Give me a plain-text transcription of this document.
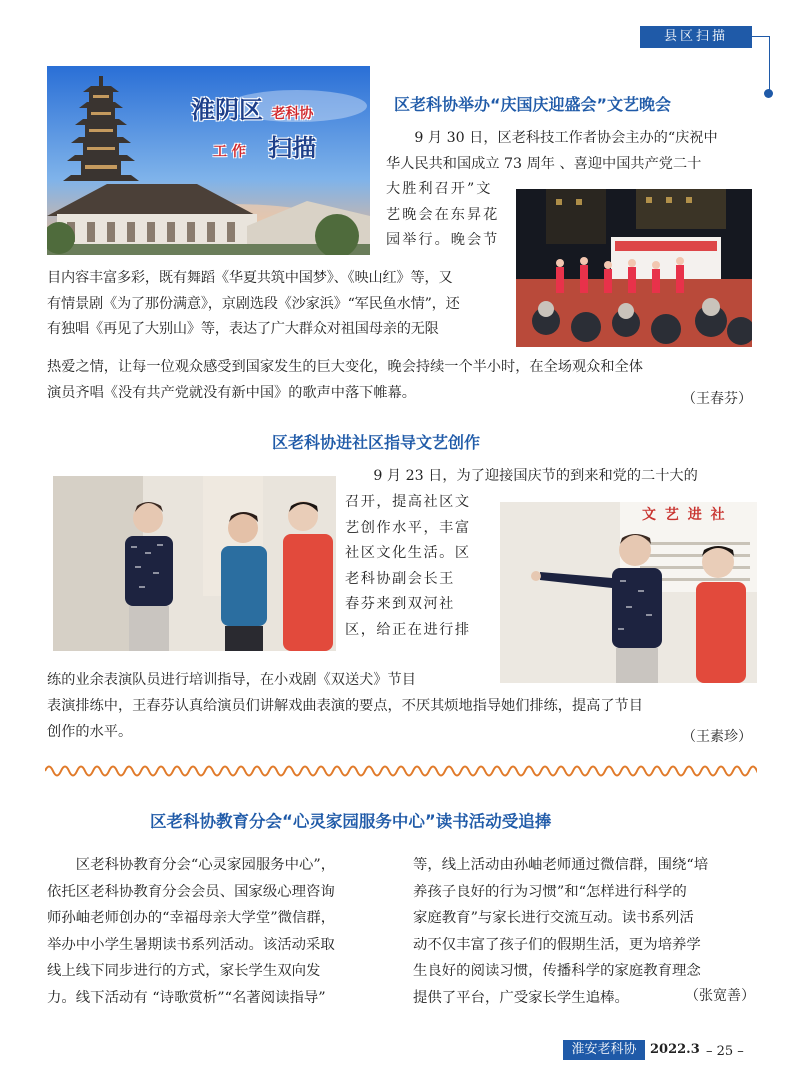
县区扫描
淮阴区 老科协
工 作 扫描
区老科协举办“庆国庆迎盛会”文艺晚会
9 月 30 日，区老科技工作者协会主办的“庆祝中
华人民共和国成立 73 周年 、喜迎中国共产党二十
大胜利召开”文
艺晚会在东昇花
园举行。晚会节
目内容丰富多彩，既有舞蹈《华夏共筑中国梦》、《映山红》等，又
有情景剧《为了那份满意》，京剧选段《沙家浜》“军民鱼水情”，还
有独唱《再见了大别山》等，表达了广大群众对祖国母亲的无限
热爱之情，让每一位观众感受到国家发生的巨大变化，晚会持续一个半小时，在全场观众和全体
演员齐唱《没有共产党就没有新中国》的歌声中落下帷幕。	（王春芬）
区老科协进社区指导文艺创作
9 月 23 日，为了迎接国庆节的到来和党的二十大的
召开，提高社区文
艺创作水平，丰富
社区文化生活。区
老科协副会长王
春芬来到双河社
区，给正在进行排
文 艺 进 社
练的业余表演队员进行培训指导，在小戏剧《双送犬》节目
表演排练中，王春芬认真给演员们讲解戏曲表演的要点，不厌其烦地指导她们排练，提高了节目
创作的水平。	（王素珍）
区老科协教育分会“心灵家园服务中心”读书活动受追捧
区老科协教育分会“心灵家园服务中心”，
依托区老科协教育分会会员、国家级心理咨询
师孙岫老师创办的“幸福母亲大学堂”微信群，
举办中小学生暑期读书系列活动。该活动采取
线上线下同步进行的方式，家长学生双向发
力。线下活动有 “诗歌赏析”“名著阅读指导”
等，线上活动由孙岫老师通过微信群，围绕“培
养孩子良好的行为习惯”和“怎样进行科学的
家庭教育”与家长进行交流互动。读书系列活
动不仅丰富了孩子们的假期生活，更为培养学
生良好的阅读习惯，传播科学的家庭教育理念
提供了平台，广受家长学生追棒。	（张宽善）
淮安老科协	2022.3 – 25 –
